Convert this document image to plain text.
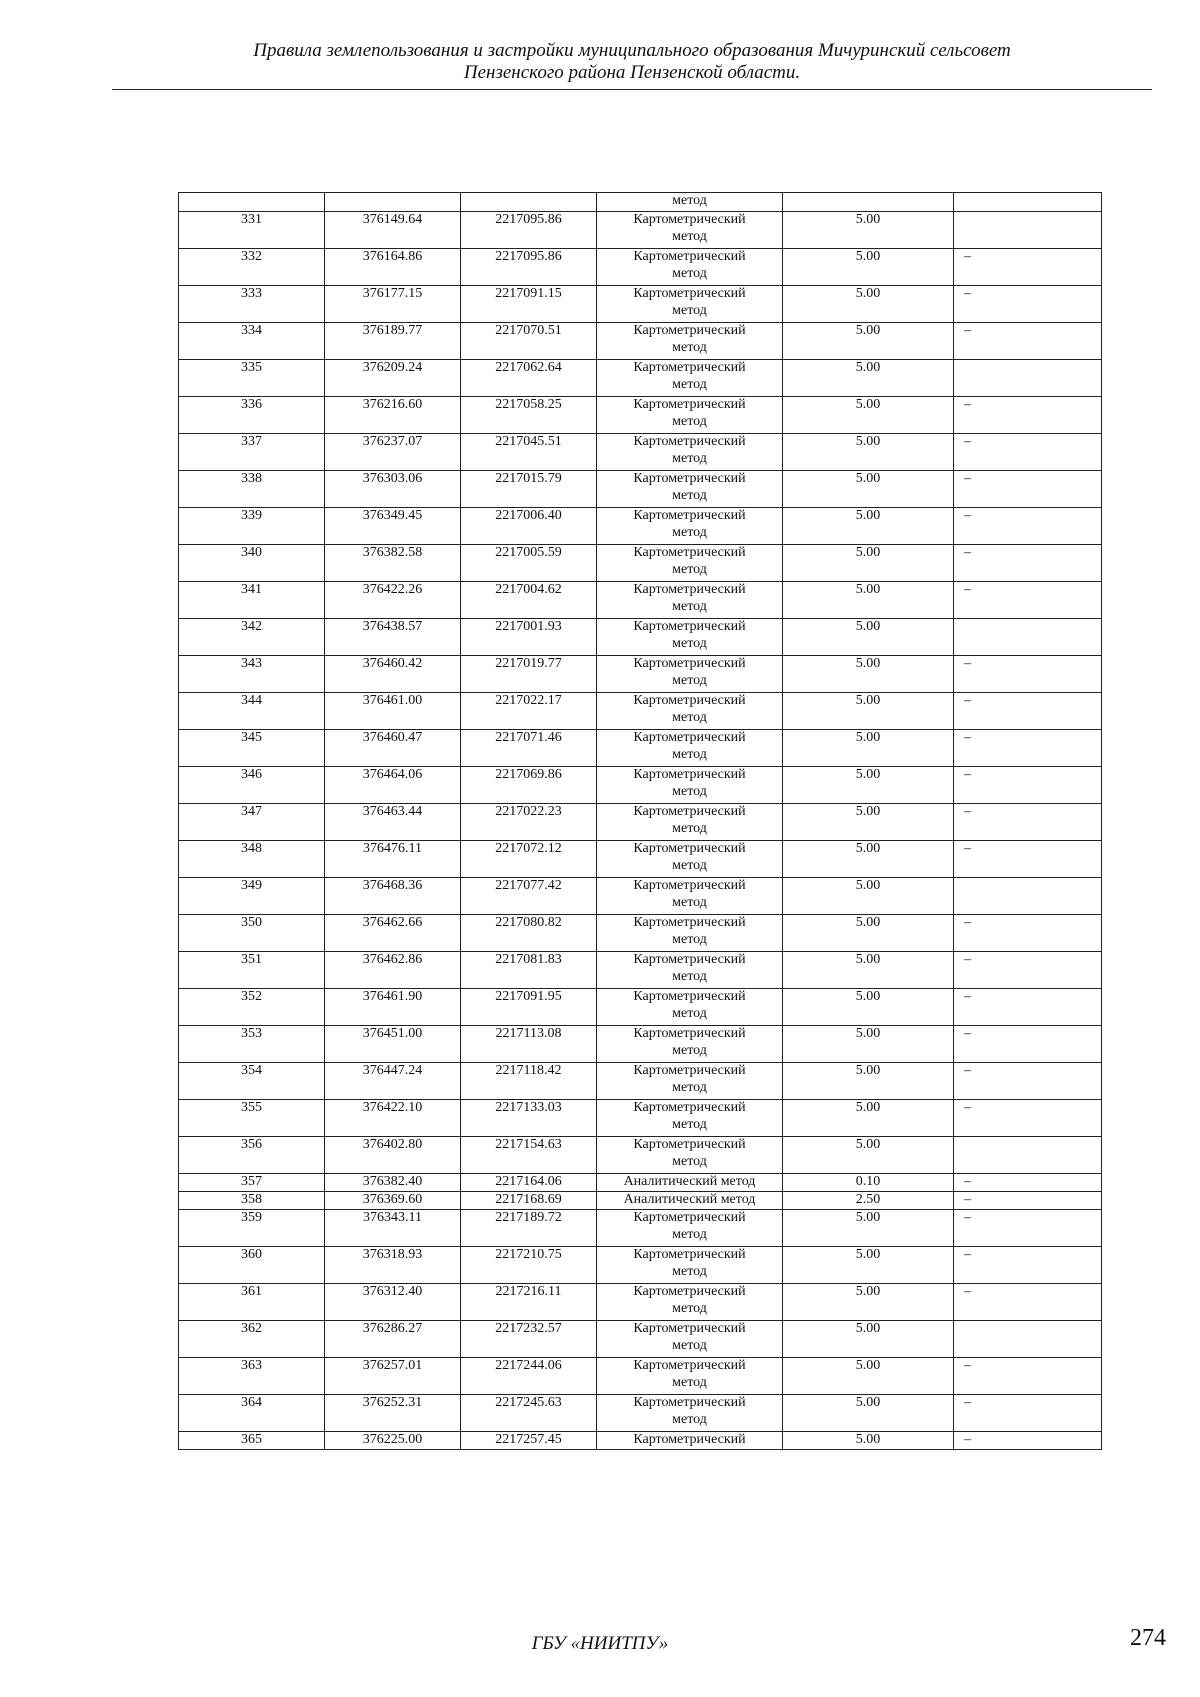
Правила землепользования и застройки муниципального образования Мичуринский сельсовет
Пензенского района Пензенской области.
			метод		
331	376149.64	2217095.86	Картометрический
метод	5.00	
332	376164.86	2217095.86	Картометрический
метод	5.00	–
333	376177.15	2217091.15	Картометрический
метод	5.00	–
334	376189.77	2217070.51	Картометрический
метод	5.00	–
335	376209.24	2217062.64	Картометрический
метод	5.00	
336	376216.60	2217058.25	Картометрический
метод	5.00	–
337	376237.07	2217045.51	Картометрический
метод	5.00	–
338	376303.06	2217015.79	Картометрический
метод	5.00	–
339	376349.45	2217006.40	Картометрический
метод	5.00	–
340	376382.58	2217005.59	Картометрический
метод	5.00	–
341	376422.26	2217004.62	Картометрический
метод	5.00	–
342	376438.57	2217001.93	Картометрический
метод	5.00	
343	376460.42	2217019.77	Картометрический
метод	5.00	–
344	376461.00	2217022.17	Картометрический
метод	5.00	–
345	376460.47	2217071.46	Картометрический
метод	5.00	–
346	376464.06	2217069.86	Картометрический
метод	5.00	–
347	376463.44	2217022.23	Картометрический
метод	5.00	–
348	376476.11	2217072.12	Картометрический
метод	5.00	–
349	376468.36	2217077.42	Картометрический
метод	5.00	
350	376462.66	2217080.82	Картометрический
метод	5.00	–
351	376462.86	2217081.83	Картометрический
метод	5.00	–
352	376461.90	2217091.95	Картометрический
метод	5.00	–
353	376451.00	2217113.08	Картометрический
метод	5.00	–
354	376447.24	2217118.42	Картометрический
метод	5.00	–
355	376422.10	2217133.03	Картометрический
метод	5.00	–
356	376402.80	2217154.63	Картометрический
метод	5.00	
357	376382.40	2217164.06	Аналитический метод	0.10	–
358	376369.60	2217168.69	Аналитический метод	2.50	–
359	376343.11	2217189.72	Картометрический
метод	5.00	–
360	376318.93	2217210.75	Картометрический
метод	5.00	–
361	376312.40	2217216.11	Картометрический
метод	5.00	–
362	376286.27	2217232.57	Картометрический
метод	5.00	
363	376257.01	2217244.06	Картометрический
метод	5.00	–
364	376252.31	2217245.63	Картометрический
метод	5.00	–
365	376225.00	2217257.45	Картометрический	5.00	–
ГБУ «НИИТПУ»	274
